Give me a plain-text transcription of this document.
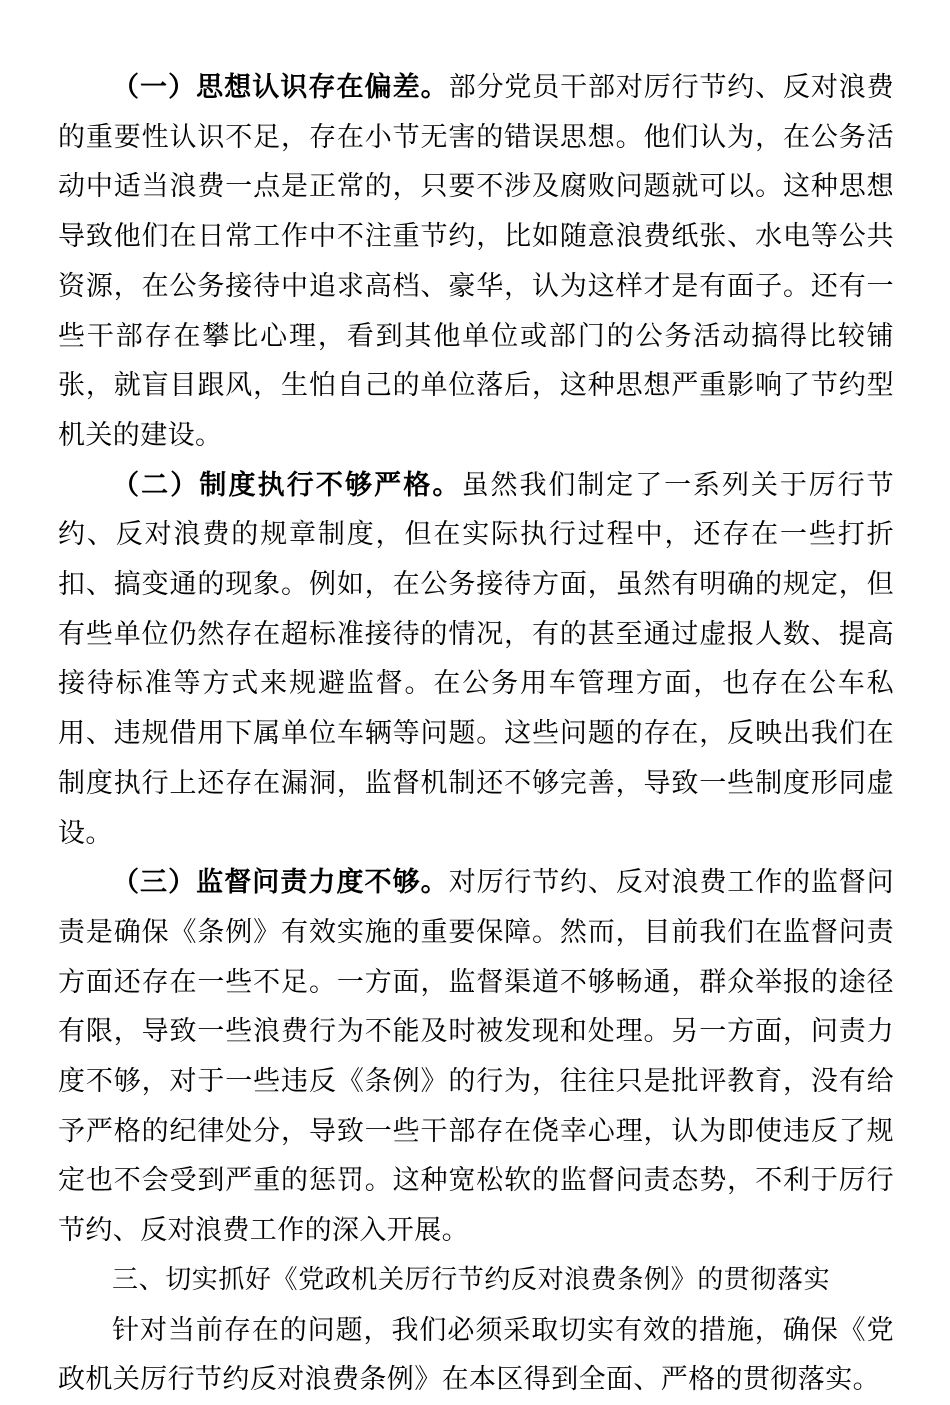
（一）思想认识存在偏差。部分党员干部对厉行节约、反对浪费的重要性认识不足，存在小节无害的错误思想。他们认为，在公务活动中适当浪费一点是正常的，只要不涉及腐败问题就可以。这种思想导致他们在日常工作中不注重节约，比如随意浪费纸张、水电等公共资源，在公务接待中追求高档、豪华，认为这样才是有面子。还有一些干部存在攀比心理，看到其他单位或部门的公务活动搞得比较铺张，就盲目跟风，生怕自己的单位落后，这种思想严重影响了节约型机关的建设。

（二）制度执行不够严格。虽然我们制定了一系列关于厉行节约、反对浪费的规章制度，但在实际执行过程中，还存在一些打折扣、搞变通的现象。例如，在公务接待方面，虽然有明确的规定，但有些单位仍然存在超标准接待的情况，有的甚至通过虚报人数、提高接待标准等方式来规避监督。在公务用车管理方面，也存在公车私用、违规借用下属单位车辆等问题。这些问题的存在，反映出我们在制度执行上还存在漏洞，监督机制还不够完善，导致一些制度形同虚设。

（三）监督问责力度不够。对厉行节约、反对浪费工作的监督问责是确保《条例》有效实施的重要保障。然而，目前我们在监督问责方面还存在一些不足。一方面，监督渠道不够畅通，群众举报的途径有限，导致一些浪费行为不能及时被发现和处理。另一方面，问责力度不够，对于一些违反《条例》的行为，往往只是批评教育，没有给予严格的纪律处分，导致一些干部存在侥幸心理，认为即使违反了规定也不会受到严重的惩罚。这种宽松软的监督问责态势，不利于厉行节约、反对浪费工作的深入开展。

三、切实抓好《党政机关厉行节约反对浪费条例》的贯彻落实

针对当前存在的问题，我们必须采取切实有效的措施，确保《党政机关厉行节约反对浪费条例》在本区得到全面、严格的贯彻落实。
